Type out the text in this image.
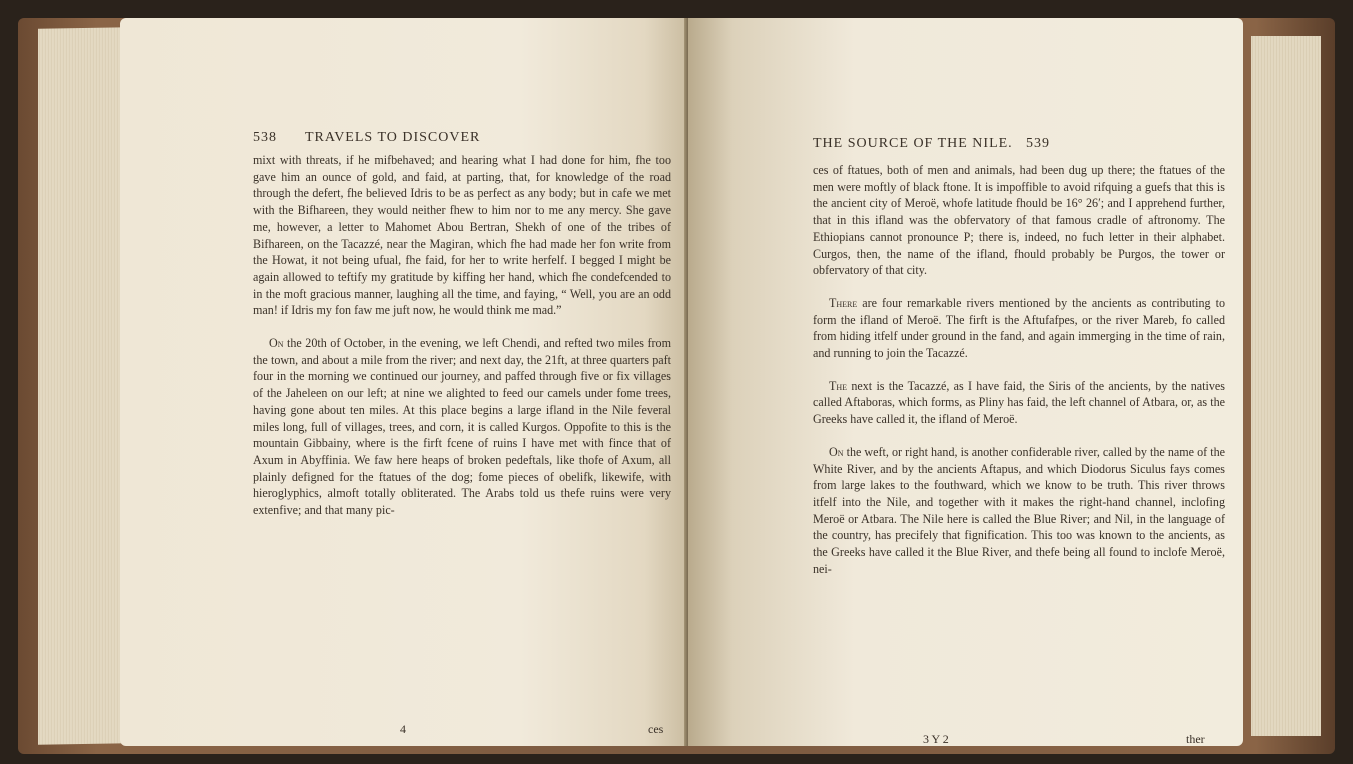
538 TRAVELS TO DISCOVER

mixt with threats, if he mifbehaved; and hearing what I had done for him, fhe too gave him an ounce of gold, and faid, at parting, that, for knowledge of the road through the defert, fhe believed Idris to be as perfect as any body; but in cafe we met with the Bifhareen, they would neither fhew to him nor to me any mercy. She gave me, however, a letter to Mahomet Abou Bertran, Shekh of one of the tribes of Bifhareen, on the Tacazzé, near the Magiran, which fhe had made her fon write from the Howat, it not being ufual, fhe faid, for her to write herfelf. I begged I might be again allowed to teftify my gratitude by kiffing her hand, which fhe condefcended to in the moft gracious manner, laughing all the time, and faying, “ Well, you are an odd man! if Idris my fon faw me juft now, he would think me mad.”

On the 20th of October, in the evening, we left Chendi, and refted two miles from the town, and about a mile from the river; and next day, the 21ft, at three quarters paft four in the morning we continued our journey, and paffed through five or fix villages of the Jaheleen on our left; at nine we alighted to feed our camels under fome trees, having gone about ten miles. At this place begins a large ifland in the Nile feveral miles long, full of villages, trees, and corn, it is called Kurgos. Oppofite to this is the mountain Gibbainy, where is the firft fcene of ruins I have met with fince that of Axum in Abyffinia. We faw here heaps of broken pedeftals, like thofe of Axum, all plainly defigned for the ftatues of the dog; fome pieces of obelifk, likewife, with hieroglyphics, almoft totally obliterated. The Arabs told us thefe ruins were very extenfive; and that many pic-

4	ces
THE SOURCE OF THE NILE. 539

ces of ftatues, both of men and animals, had been dug up there; the ftatues of the men were moftly of black ftone. It is impoffible to avoid rifquing a guefs that this is the ancient city of Meroë, whofe latitude fhould be 16° 26′; and I apprehend further, that in this ifland was the obfervatory of that famous cradle of aftronomy. The Ethiopians cannot pronounce P; there is, indeed, no fuch letter in their alphabet. Curgos, then, the name of the ifland, fhould probably be Purgos, the tower or obfervatory of that city.

There are four remarkable rivers mentioned by the ancients as contributing to form the ifland of Meroë. The firft is the Aftufafpes, or the river Mareb, fo called from hiding itfelf under ground in the fand, and again immerging in the time of rain, and running to join the Tacazzé.

The next is the Tacazzé, as I have faid, the Siris of the ancients, by the natives called Aftaboras, which forms, as Pliny has faid, the left channel of Atbara, or, as the Greeks have called it, the ifland of Meroë.

On the weft, or right hand, is another confiderable river, called by the name of the White River, and by the ancients Aftapus, and which Diodorus Siculus fays comes from large lakes to the fouthward, which we know to be truth. This river throws itfelf into the Nile, and together with it makes the right-hand channel, inclofing Meroë or Atbara. The Nile here is called the Blue River; and Nil, in the language of the country, has precifely that fignification. This too was known to the ancients, as the Greeks have called it the Blue River, and thefe being all found to inclofe Meroë, nei-

3 Y 2	ther
